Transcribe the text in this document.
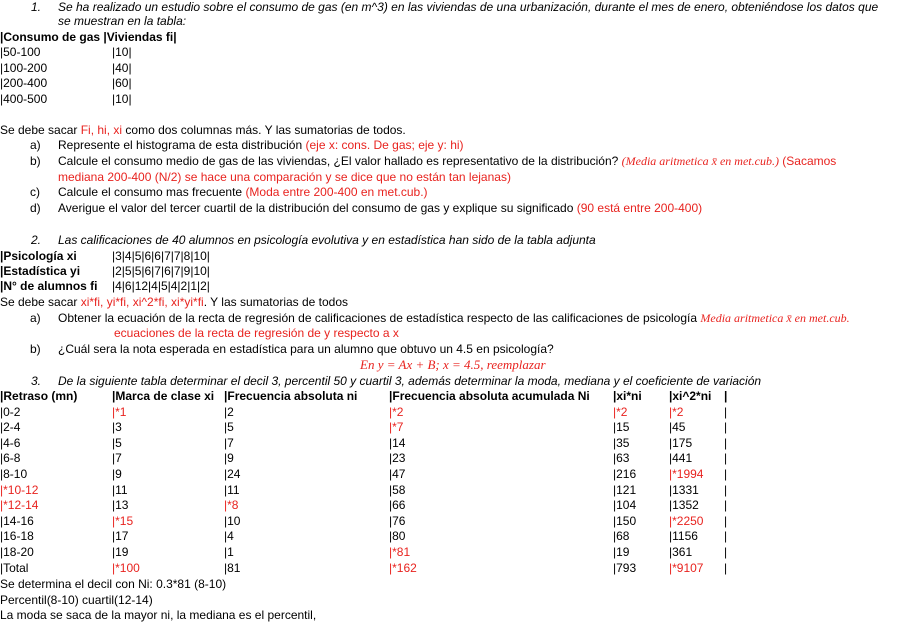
1. Se ha realizado un estudio sobre el consumo de gas (en m^3) en las viviendas de una urbanización, durante el mes de enero, obteniéndose los datos que
se muestran en la tabla:
|Consumo de gas |Viviendas fi|
|50-100	|10|
|100-200	|40|
|200-400	|60|
|400-500	|10|
Se debe sacar Fi, hi, xi como dos columnas más. Y las sumatorias de todos.
a) Represente el histograma de esta distribución (eje x: cons. De gas; eje y: hi)
b) Calcule el consumo medio de gas de las viviendas, ¿El valor hallado es representativo de la distribución? (Media aritmetica x̄ en met.cub.) (Sacamos
mediana 200-400 (N/2) se hace una comparación y se dice que no están tan lejanas)
c) Calcule el consumo mas frecuente (Moda entre 200-400 en met.cub.)
d) Averigue el valor del tercer cuartil de la distribución del consumo de gas y explique su significado (90 está entre 200-400)
2. Las calificaciones de 40 alumnos en psicología evolutiva y en estadística han sido de la tabla adjunta
|Psicología xi	|3|4|5|6|6|7|7|8|10|
|Estadística yi	|2|5|5|6|7|6|7|9|10|
|N° de alumnos fi |4|6|12|4|5|4|2|1|2|
Se debe sacar xi*fi, yi*fi, xi^2*fi, xi*yi*fi. Y las sumatorias de todos
a) Obtener la ecuación de la recta de regresión de calificaciones de estadística respecto de las calificaciones de psicología Media aritmetica x̄ en met.cub.
ecuaciones de la recta de regresión de y respecto a x
b) ¿Cuál sera la nota esperada en estadística para un alumno que obtuvo un 4.5 en psicología?
En y = Ax + B; x = 4.5, reemplazar
3. De la siguiente tabla determinar el decil 3, percentil 50 y cuartil 3, además determinar la moda, mediana y el coeficiente de variación
|Retraso (mn)	|Marca de clase xi |Frecuencia absoluta ni	|Frecuencia absoluta acumulada Ni |xi*ni |xi^2*ni |
|0-2	|*1	|2	|*2	|*2	|*2	|
|2-4	|3	|5	|*7	|15	|45	|
|4-6	|5	|7	|14	|35	|175	|
|6-8	|7	|9	|23	|63	|441	|
|8-10	|9	|24	|47	|216	|*1994 |
|*10-12	|11	|11	|58	|121	|1331 |
|*12-14	|13	|*8	|66	|104	|1352 |
|14-16	|*15	|10	|76	|150	|*2250 |
|16-18	|17	|4	|80	|68	|1156 |
|18-20	|19	|1	|*81	|19	|361	|
|Total	|*100	|81	|*162	|793	|*9107 |
Se determina el decil con Ni: 0.3*81 (8-10)
Percentil(8-10) cuartil(12-14)
La moda se saca de la mayor ni, la mediana es el percentil,
